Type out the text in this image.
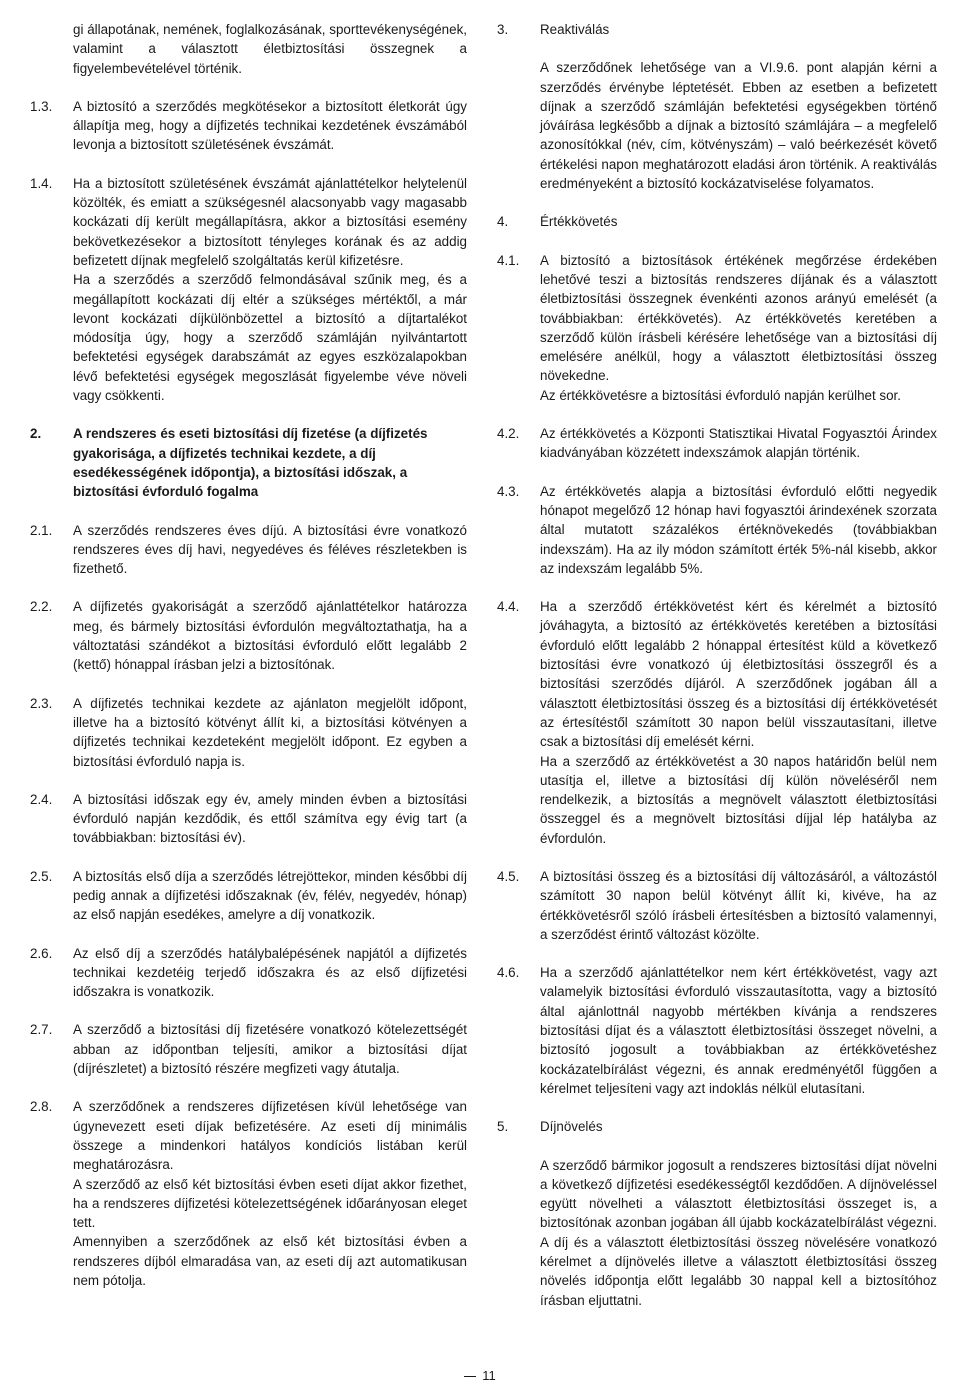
gi állapotának, nemének, foglalkozásának, sporttevékenységének, valamint a választott életbiztosítási összegnek a figyelembevételével történik.

1.3.	A biztosító a szerződés megkötésekor a biztosított életkorát úgy állapítja meg, hogy a díjfizetés technikai kezdetének évszámából levonja a biztosított születésének évszámát.

1.4.	Ha a biztosított születésének évszámát ajánlattételkor helytelenül közölték, és emiatt a szükségesnél alacsonyabb vagy magasabb kockázati díj került megállapításra, akkor a biztosítási esemény bekövetkezésekor a biztosított tényleges korának és az addig befizetett díjnak megfelelő szolgáltatás kerül kifizetésre.

Ha a szerződés a szerződő felmondásával szűnik meg, és a megállapított kockázati díj eltér a szükséges mértéktől, a már levont kockázati díjkülönbözettel a biztosító a díjtartalékot módosítja úgy, hogy a szerződő számláján nyilvántartott befektetési egységek darabszámát az egyes eszközalapokban lévő befektetési egységek megoszlását figyelembe véve növeli vagy csökkenti.

2.	A rendszeres és eseti biztosítási díj fizetése (a díjfizetés gyakorisága, a díjfizetés technikai kezdete, a díj esedékességének időpontja), a biztosítási időszak, a biztosítási évforduló fogalma
2.1.	A szerződés rendszeres éves díjú. A biztosítási évre vonatkozó rendszeres éves díj havi, negyedéves és féléves részletekben is fizethető.

2.2.	A díjfizetés gyakoriságát a szerződő ajánlattételkor határozza meg, és bármely biztosítási évfordulón megváltoztathatja, ha a változtatási szándékot a biztosítási évforduló előtt legalább 2 (kettő) hónappal írásban jelzi a biztosítónak.

2.3.	A díjfizetés technikai kezdete az ajánlaton megjelölt időpont, illetve ha a biztosító kötvényt állít ki, a biztosítási kötvényen a díjfizetés technikai kezdeteként megjelölt időpont. Ez egyben a biztosítási évforduló napja is.

2.4.	A biztosítási időszak egy év, amely minden évben a biztosítási évforduló napján kezdődik, és ettől számítva egy évig tart (a továbbiakban: biztosítási év).

2.5.	A biztosítás első díja a szerződés létrejöttekor, minden későbbi díj pedig annak a díjfizetési időszaknak (év, félév, negyedév, hónap) az első napján esedékes, amelyre a díj vonatkozik.

2.6.	Az első díj a szerződés hatálybalépésének napjától a díjfizetés technikai kezdetéig terjedő időszakra és az első díjfizetési időszakra is vonatkozik.

2.7.	A szerződő a biztosítási díj fizetésére vonatkozó kötelezettségét abban az időpontban teljesíti, amikor a biztosítási díjat (díjrészletet) a biztosító részére megfizeti vagy átutalja.

2.8.	A szerződőnek a rendszeres díjfizetésen kívül lehetősége van úgynevezett eseti díjak befizetésére. Az eseti díj minimális összege a mindenkori hatályos kondíciós listában kerül meghatározásra.

A szerződő az első két biztosítási évben eseti díjat akkor fizethet, ha a rendszeres díjfizetési kötelezettségének időarányosan eleget tett.

Amennyiben a szerződőnek az első két biztosítási évben a rendszeres díjból elmaradása van, az eseti díj azt automatikusan nem pótolja.

3.	Reaktiválás

A szerződőnek lehetősége van a VI.9.6. pont alapján kérni a szerződés érvénybe léptetését. Ebben az esetben a befizetett díjnak a szerződő számláján befektetési egységekben történő jóváírása legkésőbb a díjnak a biztosító számlájára – a megfelelő azonosítókkal (név, cím, kötvényszám) – való beérkezését követő értékelési napon meghatározott eladási áron történik. A reaktiválás eredményeként a biztosító kockázatviselése folyamatos.

4.	Értékkövetés
4.1.	A biztosító a biztosítások értékének megőrzése érdekében lehetővé teszi a biztosítás rendszeres díjának és a választott életbiztosítási összegnek évenkénti azonos arányú emelését (a továbbiakban: értékkövetés). Az értékkövetés keretében a szerződő külön írásbeli kérésére lehetősége van a biztosítási díj emelésére anélkül, hogy a választott életbiztosítási összeg növekedne.

Az értékkövetésre a biztosítási évforduló napján kerülhet sor.

4.2.	Az értékkövetés a Központi Statisztikai Hivatal Fogyasztói Árindex kiadványában közzétett indexszámok alapján történik.

4.3.	Az értékkövetés alapja a biztosítási évforduló előtti negyedik hónapot megelőző 12 hónap havi fogyasztói árindexének szorzata által mutatott százalékos értéknövekedés (továbbiakban indexszám). Ha az ily módon számított érték 5%-nál kisebb, akkor az indexszám legalább 5%.

4.4.	Ha a szerződő értékkövetést kért és kérelmét a biztosító jóváhagyta, a biztosító az értékkövetés keretében a biztosítási évforduló előtt legalább 2 hónappal értesítést küld a következő biztosítási évre vonatkozó új életbiztosítási összegről és a biztosítási szerződés díjáról. A szerződőnek jogában áll a választott életbiztosítási összeg és a biztosítási díj értékkövetését az értesítéstől számított 30 napon belül visszautasítani, illetve csak a biztosítási díj emelését kérni.

Ha a szerződő az értékkövetést a 30 napos határidőn belül nem utasítja el, illetve a biztosítási díj külön növeléséről nem rendelkezik, a biztosítás a megnövelt választott életbiztosítási összeggel és a megnövelt biztosítási díjjal lép hatályba az évfordulón.

4.5.	A biztosítási összeg és a biztosítási díj változásáról, a változástól számított 30 napon belül kötvényt állít ki, kivéve, ha az értékkövetésről szóló írásbeli értesítésben a biztosító valamennyi, a szerződést érintő változást közölte.

4.6.	Ha a szerződő ajánlattételkor nem kért értékkövetést, vagy azt valamelyik biztosítási évforduló visszautasította, vagy a biztosító által ajánlottnál nagyobb mértékben kívánja a rendszeres biztosítási díjat és a választott életbiztosítási összeget növelni, a biztosító jogosult a továbbiakban az értékkövetéshez kockázatelbírálást végezni, és annak eredményétől függően a kérelmet teljesíteni vagy azt indoklás nélkül elutasítani.

5.	Díjnövelés

A szerződő bármikor jogosult a rendszeres biztosítási díjat növelni a következő díjfizetési esedékességtől kezdődően. A díjnöveléssel együtt növelheti a választott életbiztosítási összeget is, a biztosítónak azonban jogában áll újabb kockázatelbírálást végezni. A díj és a választott életbiztosítási összeg növelésére vonatkozó kérelmet a díjnövelés illetve a választott életbiztosítási összeg növelés időpontja előtt legalább 30 nappal kell a biztosítóhoz írásban eljuttatni.

11
